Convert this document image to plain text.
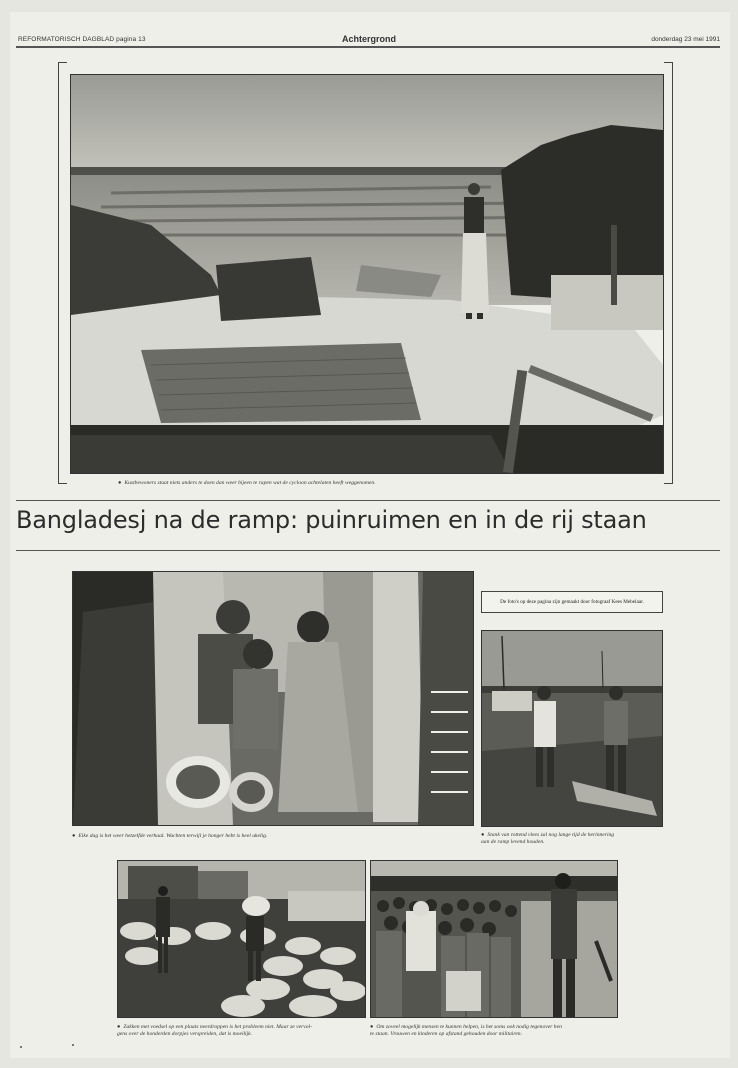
REFORMATORISCH DAGBLAD pagina 13	Achtergrond	donderdag 23 mei 1991
● Kustbewoners staat niets anders te doen dan weer bijeen te rapen wat de cycloon achtelaten heeft weggenomen.
Bangladesj na de ramp: puinruimen en in de rij staan
● Elke dag is het weer hetzelfde verhaal. Wachten terwijl je honger hebt is heel akelig.
De foto's op deze pagina zijn gemaakt door fotograaf Kees Mebelaar.
● Stank van rottend vlees zal nog lange tijd de herinnering
aan de ramp levend houden.
● Zakken met voedsel op een plaats neerdroppen is het probleem niet. Maar ze vervol-
gens over de honderden dorpjes verspreiden, dat is moeilijk.
● Om zoveel mogelijk mensen te kunnen helpen, is het soms ook nodig tegenover hen
te staan. Vrouwen en kinderen op afstand gehouden door militairen.
